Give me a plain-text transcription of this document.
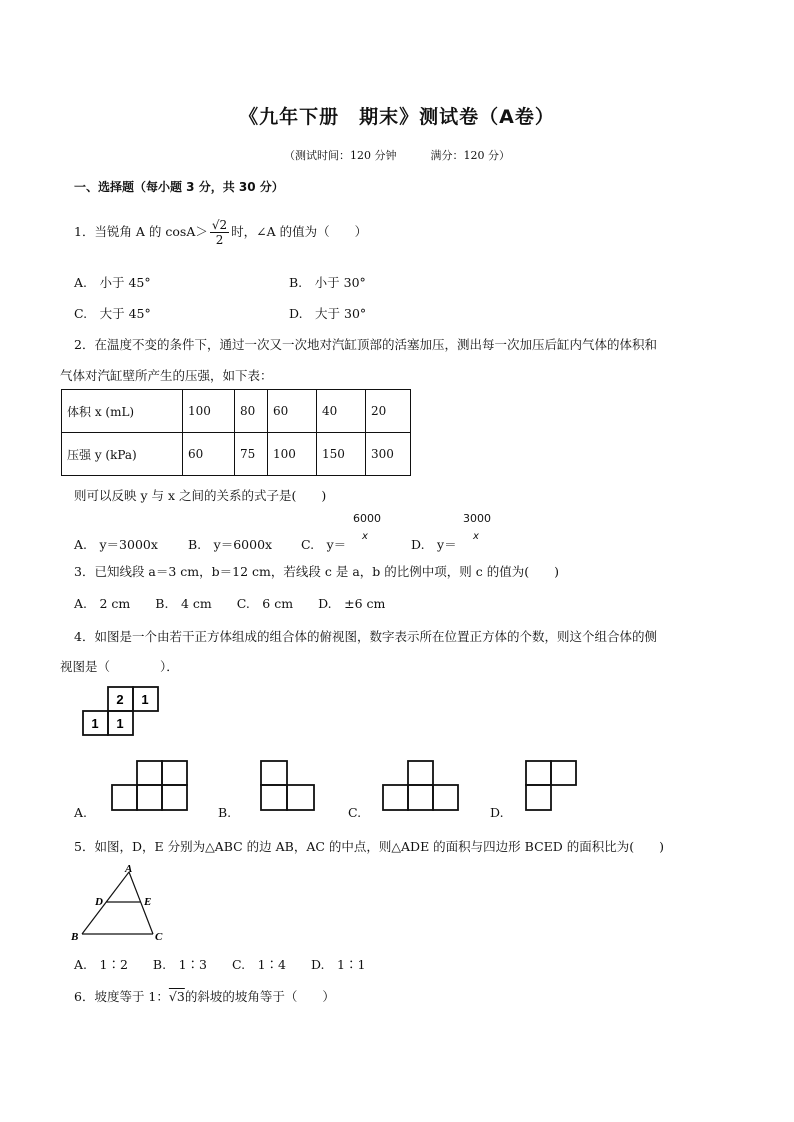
《九年下册　期末》测试卷（A卷）
（测试时间：120 分钟	满分：120 分）
一、选择题（每小题 3 分，共 30 分）
1．当锐角 A 的 $\cos A> \frac{√2}{2}$ 时，∠A 的值为（　　）
A.　小于 45°	B.　小于 30°
C.　大于 45°	D.　大于 30°
2．在温度不变的条件下，通过一次又一次地对汽缸顶部的活塞加压，测出每一次加压后缸内气体的体积和
气体对汽缸壁所产生的压强，如下表：
体积 x (mL)	100	80	60	40	20
压强 y (kPa)	60	75	100	150	300
则可以反映 y 与 x 之间的关系的式子是(　　)
6000
x
3000
x
A.　y＝3000x B.　y＝6000x C.　y＝	D.　y＝
3．已知线段 a＝3 cm，b＝12 cm，若线段 c 是 a，b 的比例中项，则 c 的值为(　　)
A.　2 cm　　B.　4 cm　　C.　6 cm　　D.　±6 cm
4．如图是一个由若干正方体组成的组合体的俯视图，数字表示所在位置正方体的个数，则这个组合体的侧
视图是（　　　　）．
2 1
1 1
A.	B.	C.	D.
5．如图，D，E 分别为△ABC 的边 AB，AC 的中点，则△ADE 的面积与四边形 BCED 的面积比为(　　)
A
D	E
B	C
A.　1∶2　　B.　1∶3　　C.　1∶4　　D.　1∶1
6．坡度等于 1：√3的斜坡的坡角等于（　　）
